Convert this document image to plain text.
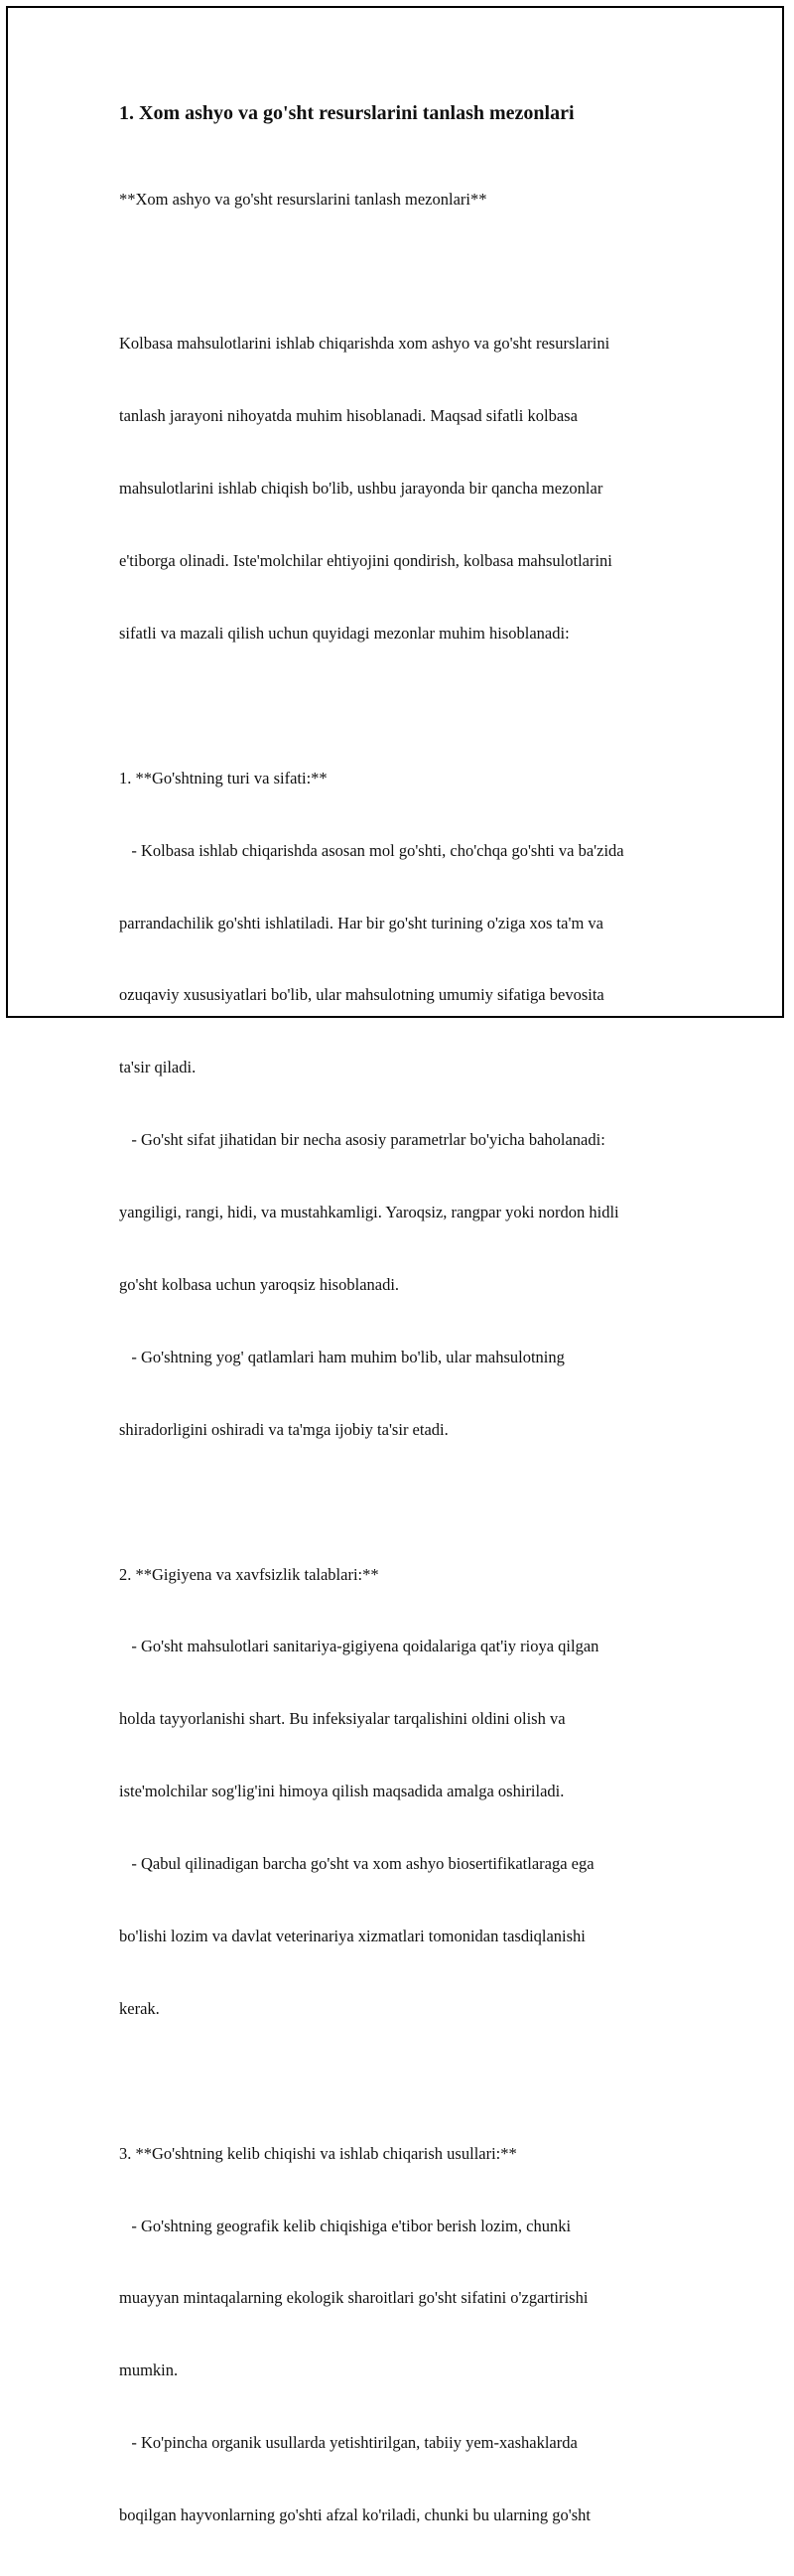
1. Xom ashyo va go'sht resurslarini tanlash mezonlari

**Xom ashyo va go'sht resurslarini tanlash mezonlari**

Kolbasa mahsulotlarini ishlab chiqarishda xom ashyo va go'sht resurslarini

tanlash jarayoni nihoyatda muhim hisoblanadi. Maqsad sifatli kolbasa

mahsulotlarini ishlab chiqish bo'lib, ushbu jarayonda bir qancha mezonlar

e'tiborga olinadi. Iste'molchilar ehtiyojini qondirish, kolbasa mahsulotlarini

sifatli va mazali qilish uchun quyidagi mezonlar muhim hisoblanadi:

1. **Go'shtning turi va sifati:**

- Kolbasa ishlab chiqarishda asosan mol go'shti, cho'chqa go'shti va ba'zida

parrandachilik go'shti ishlatiladi. Har bir go'sht turining o'ziga xos ta'm va

ozuqaviy xususiyatlari bo'lib, ular mahsulotning umumiy sifatiga bevosita

ta'sir qiladi.

- Go'sht sifat jihatidan bir necha asosiy parametrlar bo'yicha baholanadi:

yangiligi, rangi, hidi, va mustahkamligi. Yaroqsiz, rangpar yoki nordon hidli

go'sht kolbasa uchun yaroqsiz hisoblanadi.

- Go'shtning yog' qatlamlari ham muhim bo'lib, ular mahsulotning

shiradorligini oshiradi va ta'mga ijobiy ta'sir etadi.

2. **Gigiyena va xavfsizlik talablari:**

- Go'sht mahsulotlari sanitariya-gigiyena qoidalariga qat'iy rioya qilgan

holda tayyorlanishi shart. Bu infeksiyalar tarqalishini oldini olish va

iste'molchilar sog'lig'ini himoya qilish maqsadida amalga oshiriladi.

- Qabul qilinadigan barcha go'sht va xom ashyo biosertifikatlaraga ega

bo'lishi lozim va davlat veterinariya xizmatlari tomonidan tasdiqlanishi

kerak.

3. **Go'shtning kelib chiqishi va ishlab chiqarish usullari:**

- Go'shtning geografik kelib chiqishiga e'tibor berish lozim, chunki

muayyan mintaqalarning ekologik sharoitlari go'sht sifatini o'zgartirishi

mumkin.

- Ko'pincha organik usullarda yetishtirilgan, tabiiy yem-xashaklarda

boqilgan hayvonlarning go'shti afzal ko'riladi, chunki bu ularning go'sht
